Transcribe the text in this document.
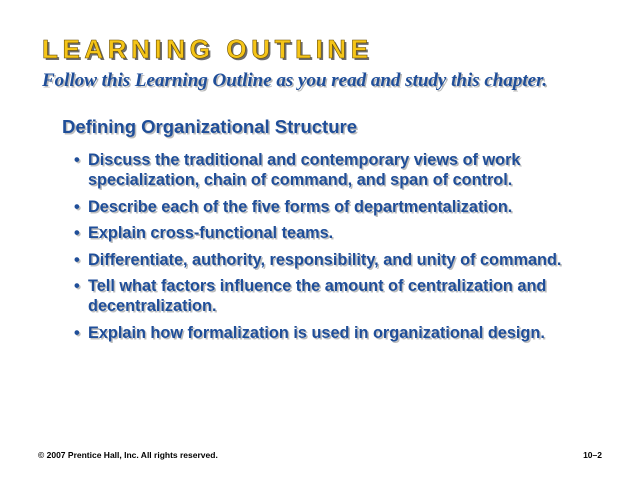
LEARNING OUTLINE
Follow this Learning Outline as you read and study this chapter.
Defining Organizational Structure
• Discuss the traditional and contemporary views of work specialization, chain of command, and span of control.
• Describe each of the five forms of departmentalization.
• Explain cross-functional teams.
• Differentiate, authority, responsibility, and unity of command.
• Tell what factors influence the amount of centralization and decentralization.
• Explain how formalization is used in organizational design.
© 2007 Prentice Hall, Inc. All rights reserved.	10–2
